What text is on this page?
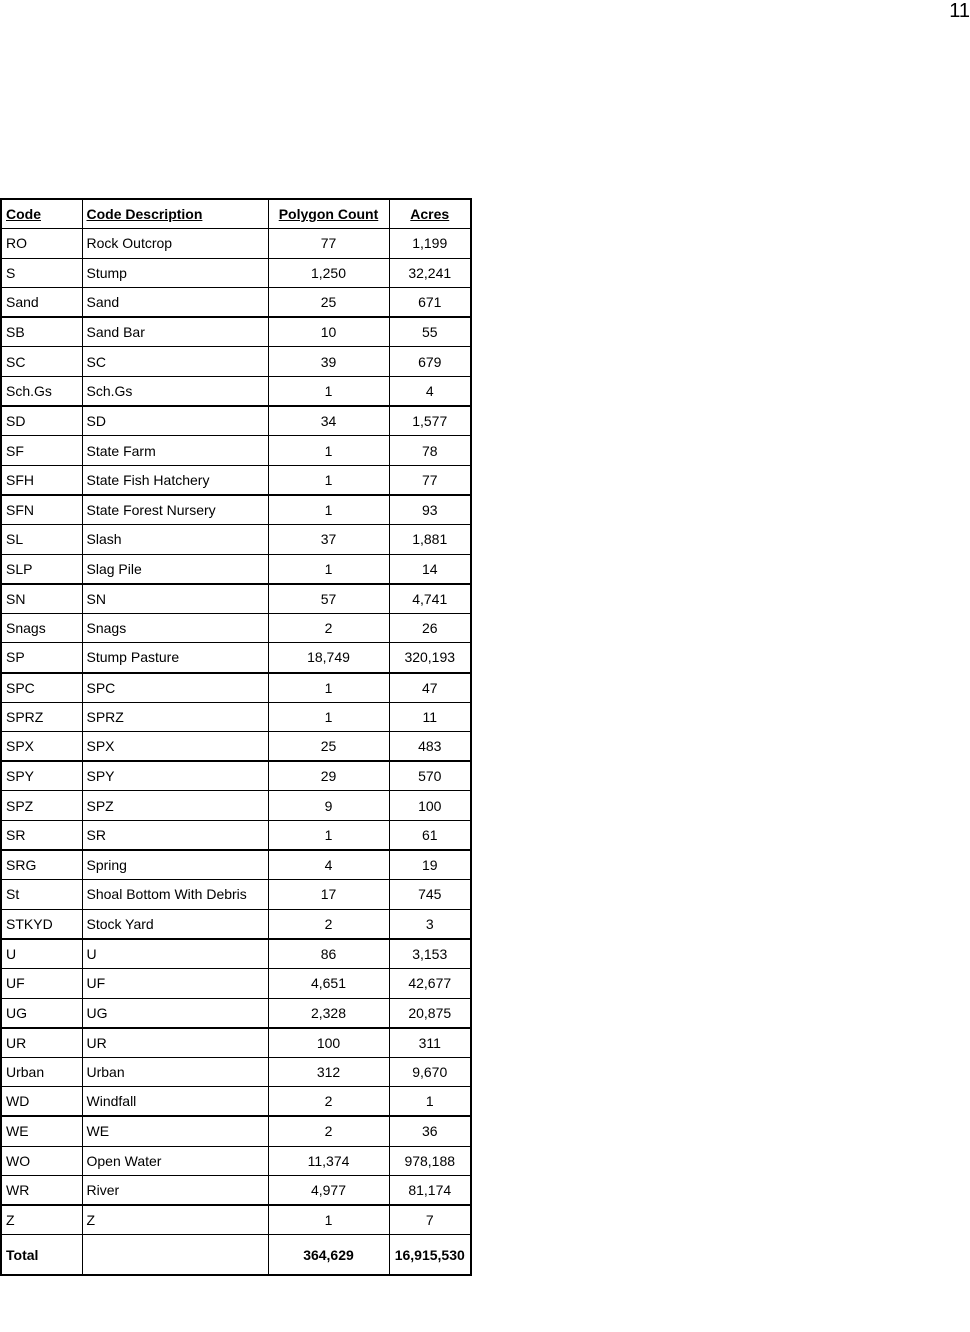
11
Code	Code Description	Polygon Count	Acres
RO	Rock Outcrop	77	1,199
S	Stump	1,250	32,241
Sand	Sand	25	671
SB	Sand Bar	10	55
SC	SC	39	679
Sch.Gs	Sch.Gs	1	4
SD	SD	34	1,577
SF	State Farm	1	78
SFH	State Fish Hatchery	1	77
SFN	State Forest Nursery	1	93
SL	Slash	37	1,881
SLP	Slag Pile	1	14
SN	SN	57	4,741
Snags	Snags	2	26
SP	Stump Pasture	18,749	320,193
SPC	SPC	1	47
SPRZ	SPRZ	1	11
SPX	SPX	25	483
SPY	SPY	29	570
SPZ	SPZ	9	100
SR	SR	1	61
SRG	Spring	4	19
St	Shoal Bottom With Debris	17	745
STKYD	Stock Yard	2	3
U	U	86	3,153
UF	UF	4,651	42,677
UG	UG	2,328	20,875
UR	UR	100	311
Urban	Urban	312	9,670
WD	Windfall	2	1
WE	WE	2	36
WO	Open Water	11,374	978,188
WR	River	4,977	81,174
Z	Z	1	7
Total		364,629	16,915,530
